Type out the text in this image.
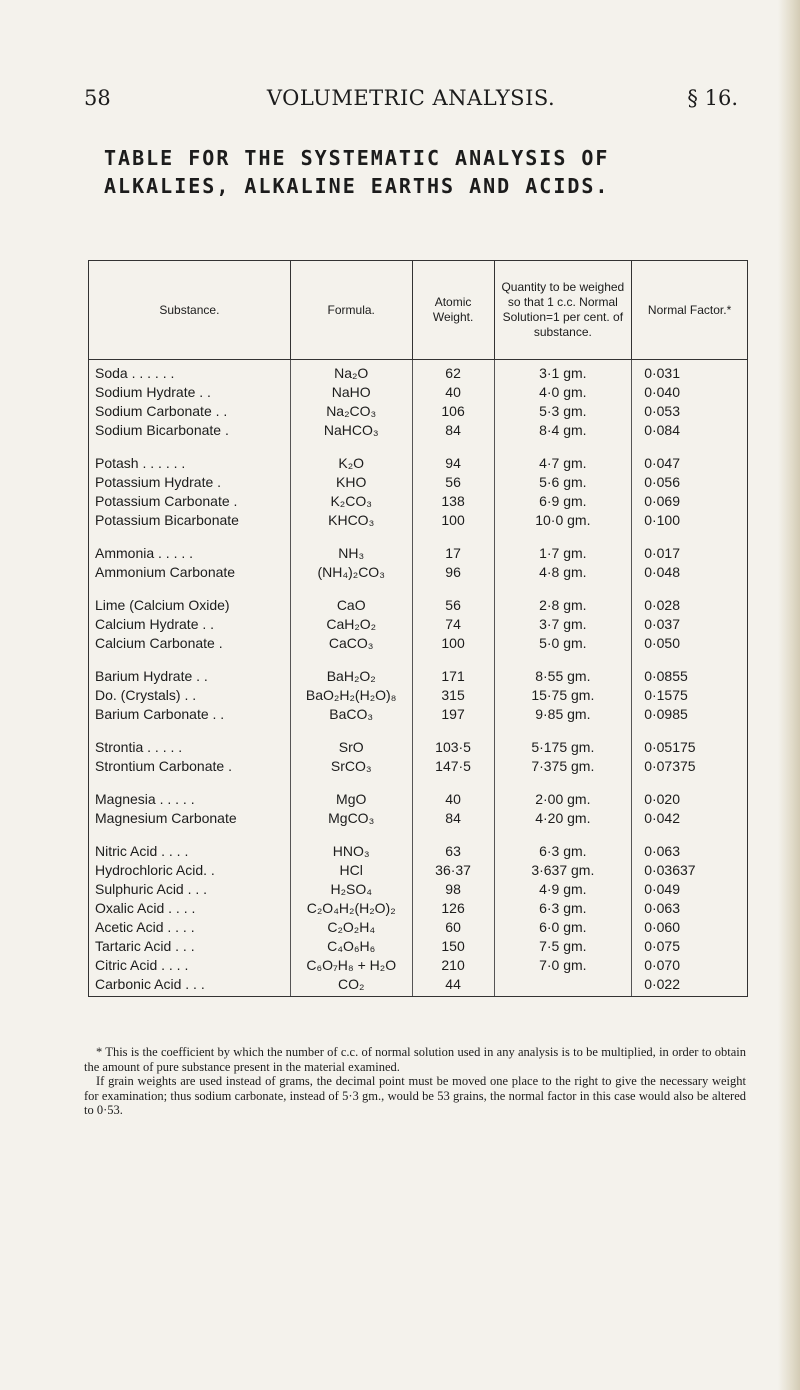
58	VOLUMETRIC ANALYSIS.	§ 16.
TABLE FOR THE SYSTEMATIC ANALYSIS OF
ALKALIES, ALKALINE EARTHS AND ACIDS.
Substance.	Formula.	Atomic Weight.	Quantity to be weighed so that 1 c.c. Normal Solution=1 per cent. of substance.	Normal Factor.*
Soda . . . . . .	Na₂O	62	3·1 gm.	0·031
Sodium Hydrate . .	NaHO	40	4·0 gm.	0·040
Sodium Carbonate . .	Na₂CO₃	106	5·3 gm.	0·053
Sodium Bicarbonate .	NaHCO₃	84	8·4 gm.	0·084

Potash . . . . . .	K₂O	94	4·7 gm.	0·047
Potassium Hydrate .	KHO	56	5·6 gm.	0·056
Potassium Carbonate .	K₂CO₃	138	6·9 gm.	0·069
Potassium Bicarbonate	KHCO₃	100	10·0 gm.	0·100

Ammonia . . . . .	NH₃	17	1·7 gm.	0·017
Ammonium Carbonate	(NH₄)₂CO₃	96	4·8 gm.	0·048

Lime (Calcium Oxide)	CaO	56	2·8 gm.	0·028
Calcium Hydrate . .	CaH₂O₂	74	3·7 gm.	0·037
Calcium Carbonate .	CaCO₃	100	5·0 gm.	0·050

Barium Hydrate . .	BaH₂O₂	171	8·55 gm.	0·0855
Do. (Crystals) . .	BaO₂H₂(H₂O)₈	315	15·75 gm.	0·1575
Barium Carbonate . .	BaCO₃	197	9·85 gm.	0·0985

Strontia . . . . .	SrO	103·5	5·175 gm.	0·05175
Strontium Carbonate .	SrCO₃	147·5	7·375 gm.	0·07375

Magnesia . . . . .	MgO	40	2·00 gm.	0·020
Magnesium Carbonate	MgCO₃	84	4·20 gm.	0·042

Nitric Acid . . . .	HNO₃	63	6·3 gm.	0·063
Hydrochloric Acid. .	HCl	36·37	3·637 gm.	0·03637
Sulphuric Acid . . .	H₂SO₄	98	4·9 gm.	0·049
Oxalic Acid . . . .	C₂O₄H₂(H₂O)₂	126	6·3 gm.	0·063
Acetic Acid . . . .	C₂O₂H₄	60	6·0 gm.	0·060
Tartaric Acid . . .	C₄O₆H₆	150	7·5 gm.	0·075
Citric Acid . . . .	C₆O₇H₈ + H₂O	210	7·0 gm.	0·070
Carbonic Acid . . .	CO₂	44		0·022

* This is the coefficient by which the number of c.c. of normal solution used in any analysis is to be multiplied, in order to obtain the amount of pure substance present in the material examined.

If grain weights are used instead of grams, the decimal point must be moved one place to the right to give the necessary weight for examination; thus sodium carbonate, instead of 5·3 gm., would be 53 grains, the normal factor in this case would also be altered to 0·53.
